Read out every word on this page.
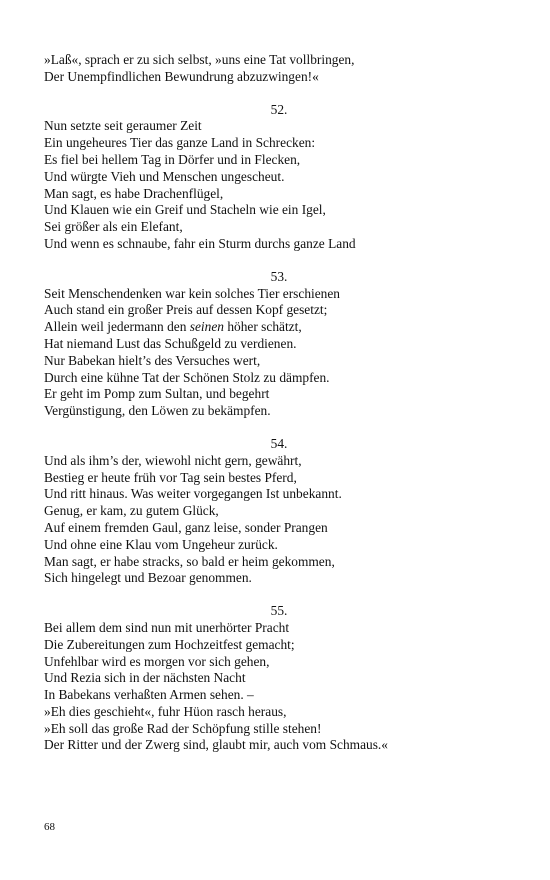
»Laß«, sprach er zu sich selbst, »uns eine Tat vollbringen,
Der Unempfindlichen Bewundrung abzuzwingen!«
52.
Nun setzte seit geraumer Zeit
Ein ungeheures Tier das ganze Land in Schrecken:
Es fiel bei hellem Tag in Dörfer und in Flecken,
Und würgte Vieh und Menschen ungescheut.
Man sagt, es habe Drachenflügel,
Und Klauen wie ein Greif und Stacheln wie ein Igel,
Sei größer als ein Elefant,
Und wenn es schnaube, fahr ein Sturm durchs ganze Land
53.
Seit Menschendenken war kein solches Tier erschienen
Auch stand ein großer Preis auf dessen Kopf gesetzt;
Allein weil jedermann den seinen höher schätzt,
Hat niemand Lust das Schußgeld zu verdienen.
Nur Babekan hielt’s des Versuches wert,
Durch eine kühne Tat der Schönen Stolz zu dämpfen.
Er geht im Pomp zum Sultan, und begehrt
Vergünstigung, den Löwen zu bekämpfen.
54.
Und als ihm’s der, wiewohl nicht gern, gewährt,
Bestieg er heute früh vor Tag sein bestes Pferd,
Und ritt hinaus. Was weiter vorgegangen Ist unbekannt.
Genug, er kam, zu gutem Glück,
Auf einem fremden Gaul, ganz leise, sonder Prangen
Und ohne eine Klau vom Ungeheur zurück.
Man sagt, er habe stracks, so bald er heim gekommen,
Sich hingelegt und Bezoar genommen.
55.
Bei allem dem sind nun mit unerhörter Pracht
Die Zubereitungen zum Hochzeitfest gemacht;
Unfehlbar wird es morgen vor sich gehen,
Und Rezia sich in der nächsten Nacht
In Babekans verhaßten Armen sehen. –
»Eh dies geschieht«, fuhr Hüon rasch heraus,
»Eh soll das große Rad der Schöpfung stille stehen!
Der Ritter und der Zwerg sind, glaubt mir, auch vom Schmaus.«
68
